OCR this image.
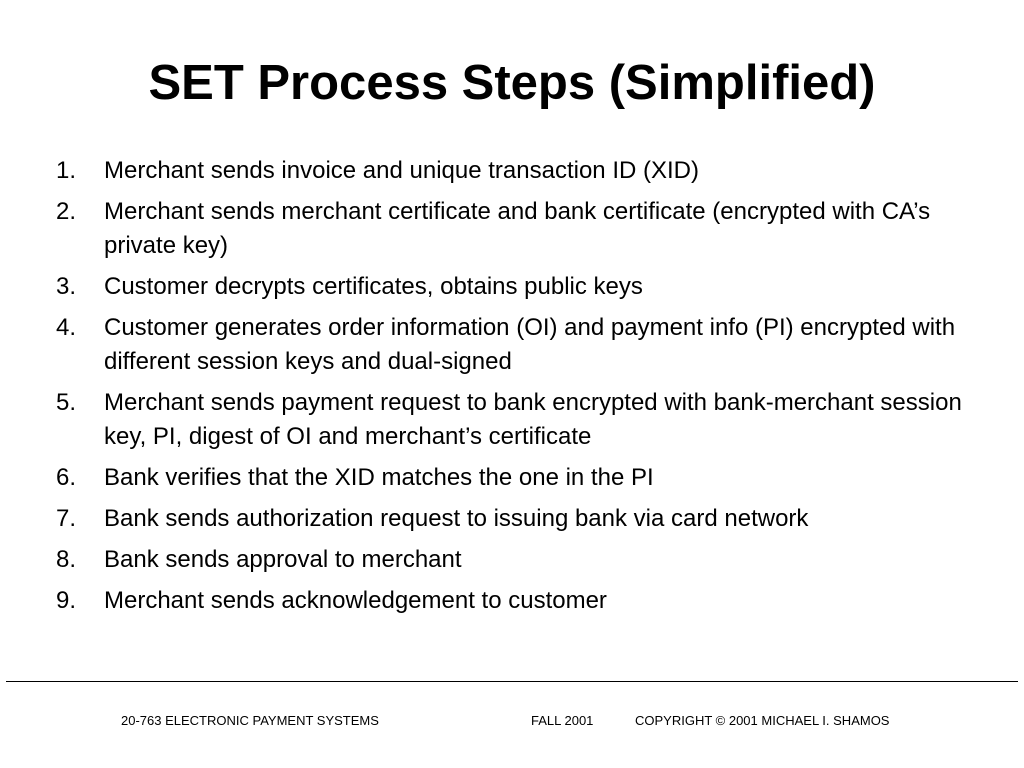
SET Process Steps (Simplified)
1. Merchant sends invoice and unique transaction ID (XID)
2. Merchant sends merchant certificate and bank certificate (encrypted with CA’s private key)
3. Customer decrypts certificates, obtains public keys
4. Customer generates order information (OI) and payment info (PI) encrypted with different session keys and dual-signed
5. Merchant sends payment request to bank encrypted with bank-merchant session key, PI, digest of OI and merchant’s certificate
6. Bank verifies that the XID matches the one in the PI
7. Bank sends authorization request to issuing bank via card network
8. Bank sends approval to merchant
9. Merchant sends acknowledgement to customer
20-763 ELECTRONIC PAYMENT SYSTEMS	FALL 2001	COPYRIGHT © 2001 MICHAEL I. SHAMOS
